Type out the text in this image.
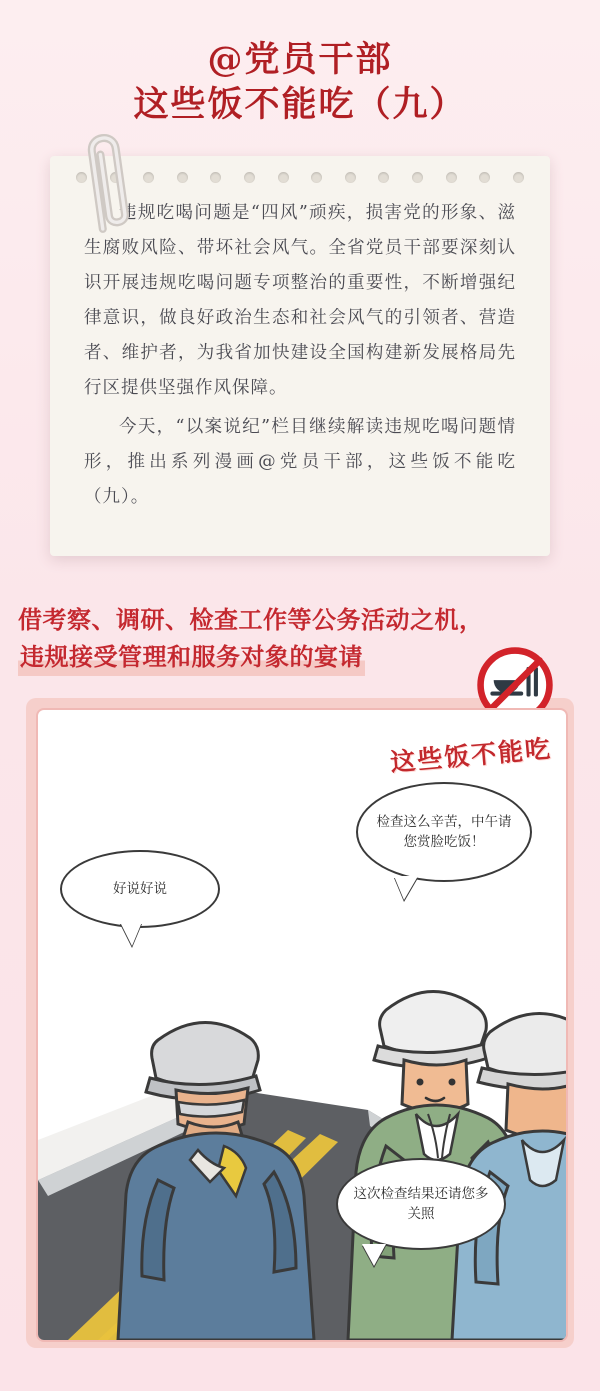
@党员干部
这些饭不能吃（九）

违规吃喝问题是“四风”顽疾，损害党的形象、滋生腐败风险、带坏社会风气。全省党员干部要深刻认识开展违规吃喝问题专项整治的重要性，不断增强纪律意识，做良好政治生态和社会风气的引领者、营造者、维护者，为我省加快建设全国构建新发展格局先行区提供坚强作风保障。

今天，“以案说纪”栏目继续解读违规吃喝问题情形，推出系列漫画@党员干部，这些饭不能吃（九）。

借考察、调研、检查工作等公务活动之机，
违规接受管理和服务对象的宴请
这些饭不能吃
好说好说
检查这么辛苦，中午请您赏脸吃饭！
这次检查结果还请您多关照
